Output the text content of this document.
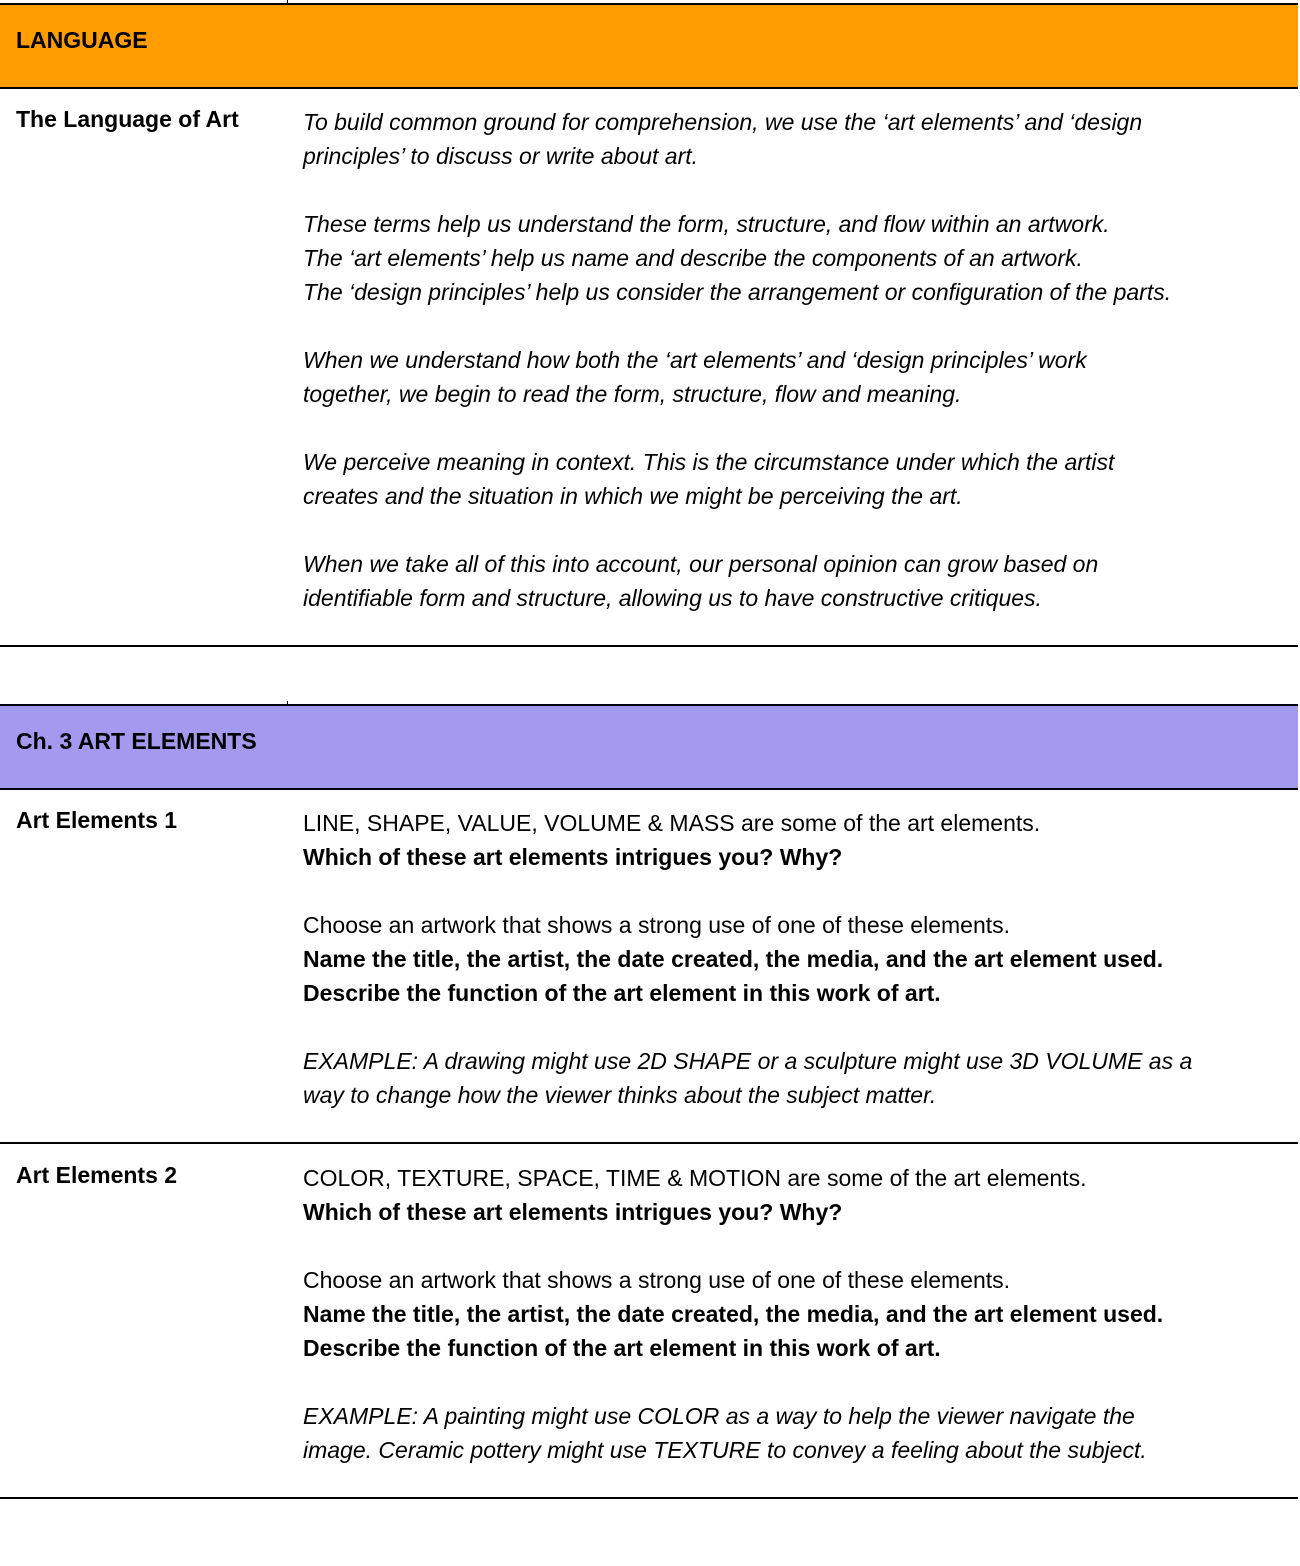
LANGUAGE
The Language of Art	To build common ground for comprehension, we use the ‘art elements’ and ‘design

principles’ to discuss or write about art.

These terms help us understand the form, structure, and flow within an artwork.

The ‘art elements’ help us name and describe the components of an artwork.

The ‘design principles’ help us consider the arrangement or configuration of the parts.

When we understand how both the ‘art elements’ and ‘design principles’ work

together, we begin to read the form, structure, flow and meaning.

We perceive meaning in context. This is the circumstance under which the artist

creates and the situation in which we might be perceiving the art.

When we take all of this into account, our personal opinion can grow based on

identifiable form and structure, allowing us to have constructive critiques.

Ch. 3 ART ELEMENTS
Art Elements 1	LINE, SHAPE, VALUE, VOLUME & MASS are some of the art elements.

Which of these art elements intrigues you? Why?

Choose an artwork that shows a strong use of one of these elements.

Name the title, the artist, the date created, the media, and the art element used.

Describe the function of the art element in this work of art.

EXAMPLE: A drawing might use 2D SHAPE or a sculpture might use 3D VOLUME as a

way to change how the viewer thinks about the subject matter.

Art Elements 2	COLOR, TEXTURE, SPACE, TIME & MOTION are some of the art elements.

Which of these art elements intrigues you? Why?

Choose an artwork that shows a strong use of one of these elements.

Name the title, the artist, the date created, the media, and the art element used.

Describe the function of the art element in this work of art.

EXAMPLE: A painting might use COLOR as a way to help the viewer navigate the

image. Ceramic pottery might use TEXTURE to convey a feeling about the subject.
